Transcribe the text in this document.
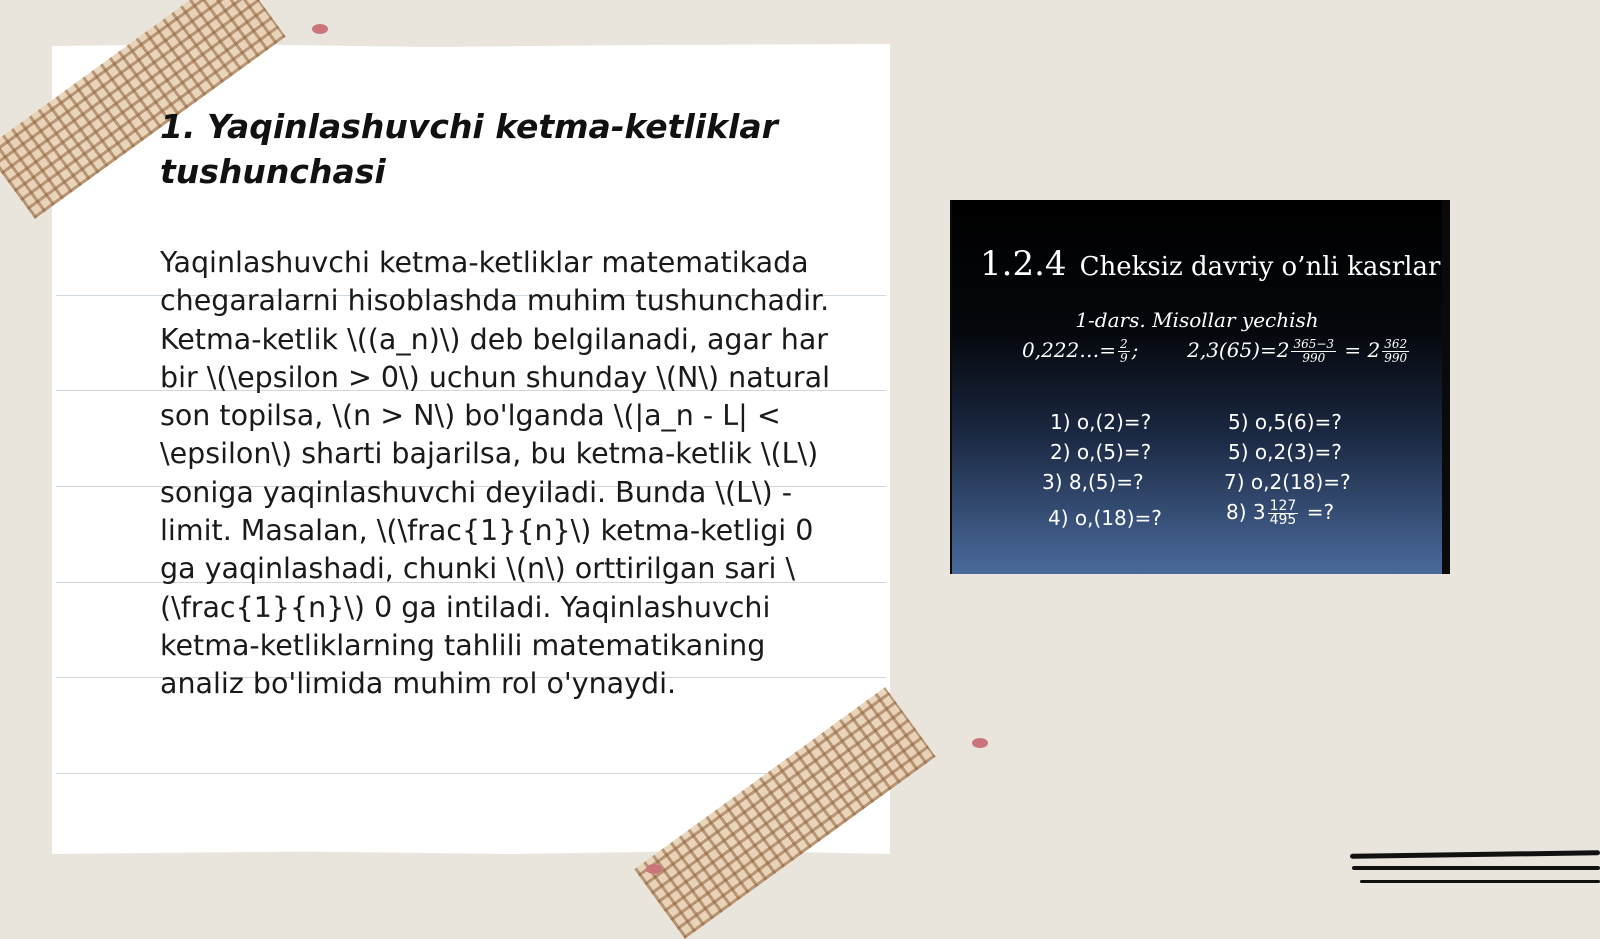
1. Yaqinlashuvchi ketma-ketliklar tushunchasi

Yaqinlashuvchi ketma-ketliklar matematikada chegaralarni hisoblashda muhim tushunchadir. Ketma-ketlik \((a_n)\) deb belgilanadi, agar har bir \(\epsilon > 0\) uchun shunday \(N\) natural son topilsa, \(n > N\) bo'lganda \(|a_n - L| < \epsilon\) sharti bajarilsa, bu ketma-ketlik \(L\) soniga yaqinlashuvchi deyiladi. Bunda \(L\) - limit. Masalan, \(\frac{1}{n}\) ketma-ketligi 0 ga yaqinlashadi, chunki \(n\) orttirilgan sari \(\frac{1}{n}\) 0 ga intiladi. Yaqinlashuvchi ketma-ketliklarning tahlili matematikaning analiz bo'limida muhim rol o'ynaydi.

1.2.4 Cheksiz davriy o’nli kasrlar
1-dars. Misollar yechish
0,222…= $\frac{2}{9}$ ; $2,3(65)=2 \frac{365-3}{990} = 2 \frac{362}{990}$
1) o,(2)=?
2) o,(5)=?
3) 8,(5)=?
4) o,(18)=?
5) o,5(6)=?
5) o,2(3)=?
7) o,2(18)=?
8) $3 \frac{127}{495}$ =?
